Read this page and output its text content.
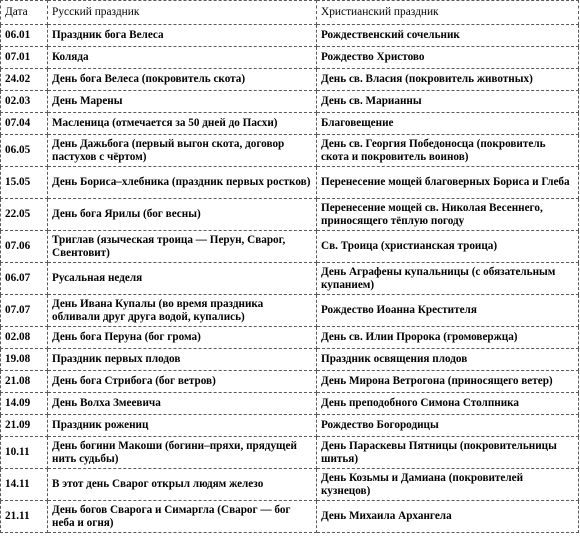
Дата	Русский праздник	Христианский праздник
06.01	Праздник бога Велеса	Рождественский сочельник
07.01	Коляда	Рождество Христово
24.02	День бога Велеса (покровитель скота)	День св. Власия (покровитель животных)
02.03	День Марены	День св. Марианны
07.04	Масленица (отмечается за 50 дней до Пасхи)	Благовещение
06.05	День Дажьбога (первый выгон скота, договор пастухов с чёртом)	День св. Георгия Победоносца (покровитель скота и покровитель воинов)
15.05	День Бориса–хлебника (праздник первых ростков)	Перенесение мощей благоверных Бориса и Глеба
22.05	День бога Ярилы (бог весны)	Перенесение мощей св. Николая Весеннего, приносящего тёплую погоду
07.06	Триглав (языческая троица — Перун, Сварог, Свентовит)	Св. Троица (христианская троица)
06.07	Русальная неделя	День Аграфены купальницы (с обязательным купанием)
07.07	День Ивана Купалы (во время праздника обливали друг друга водой, купались)	Рождество Иоанна Крестителя
02.08	День бога Перуна (бог грома)	День св. Илии Пророка (громовержца)
19.08	Праздник первых плодов	Праздник освящения плодов
21.08	День бога Стрибога (бог ветров)	День Мирона Ветрогона (приносящего ветер)
14.09	День Волха Змеевича	День преподобного Симона Столпника
21.09	Праздник рожениц	Рождество Богородицы
10.11	День богини Макоши (богини–пряхи, прядущей нить судьбы)	День Параскевы Пятницы (покровительницы шитья)
14.11	В этот день Сварог открыл людям железо	День Козьмы и Дамиана (покровителей кузнецов)
21.11	День богов Сварога и Симаргла (Сварог — бог неба и огня)	День Михаила Архангела
